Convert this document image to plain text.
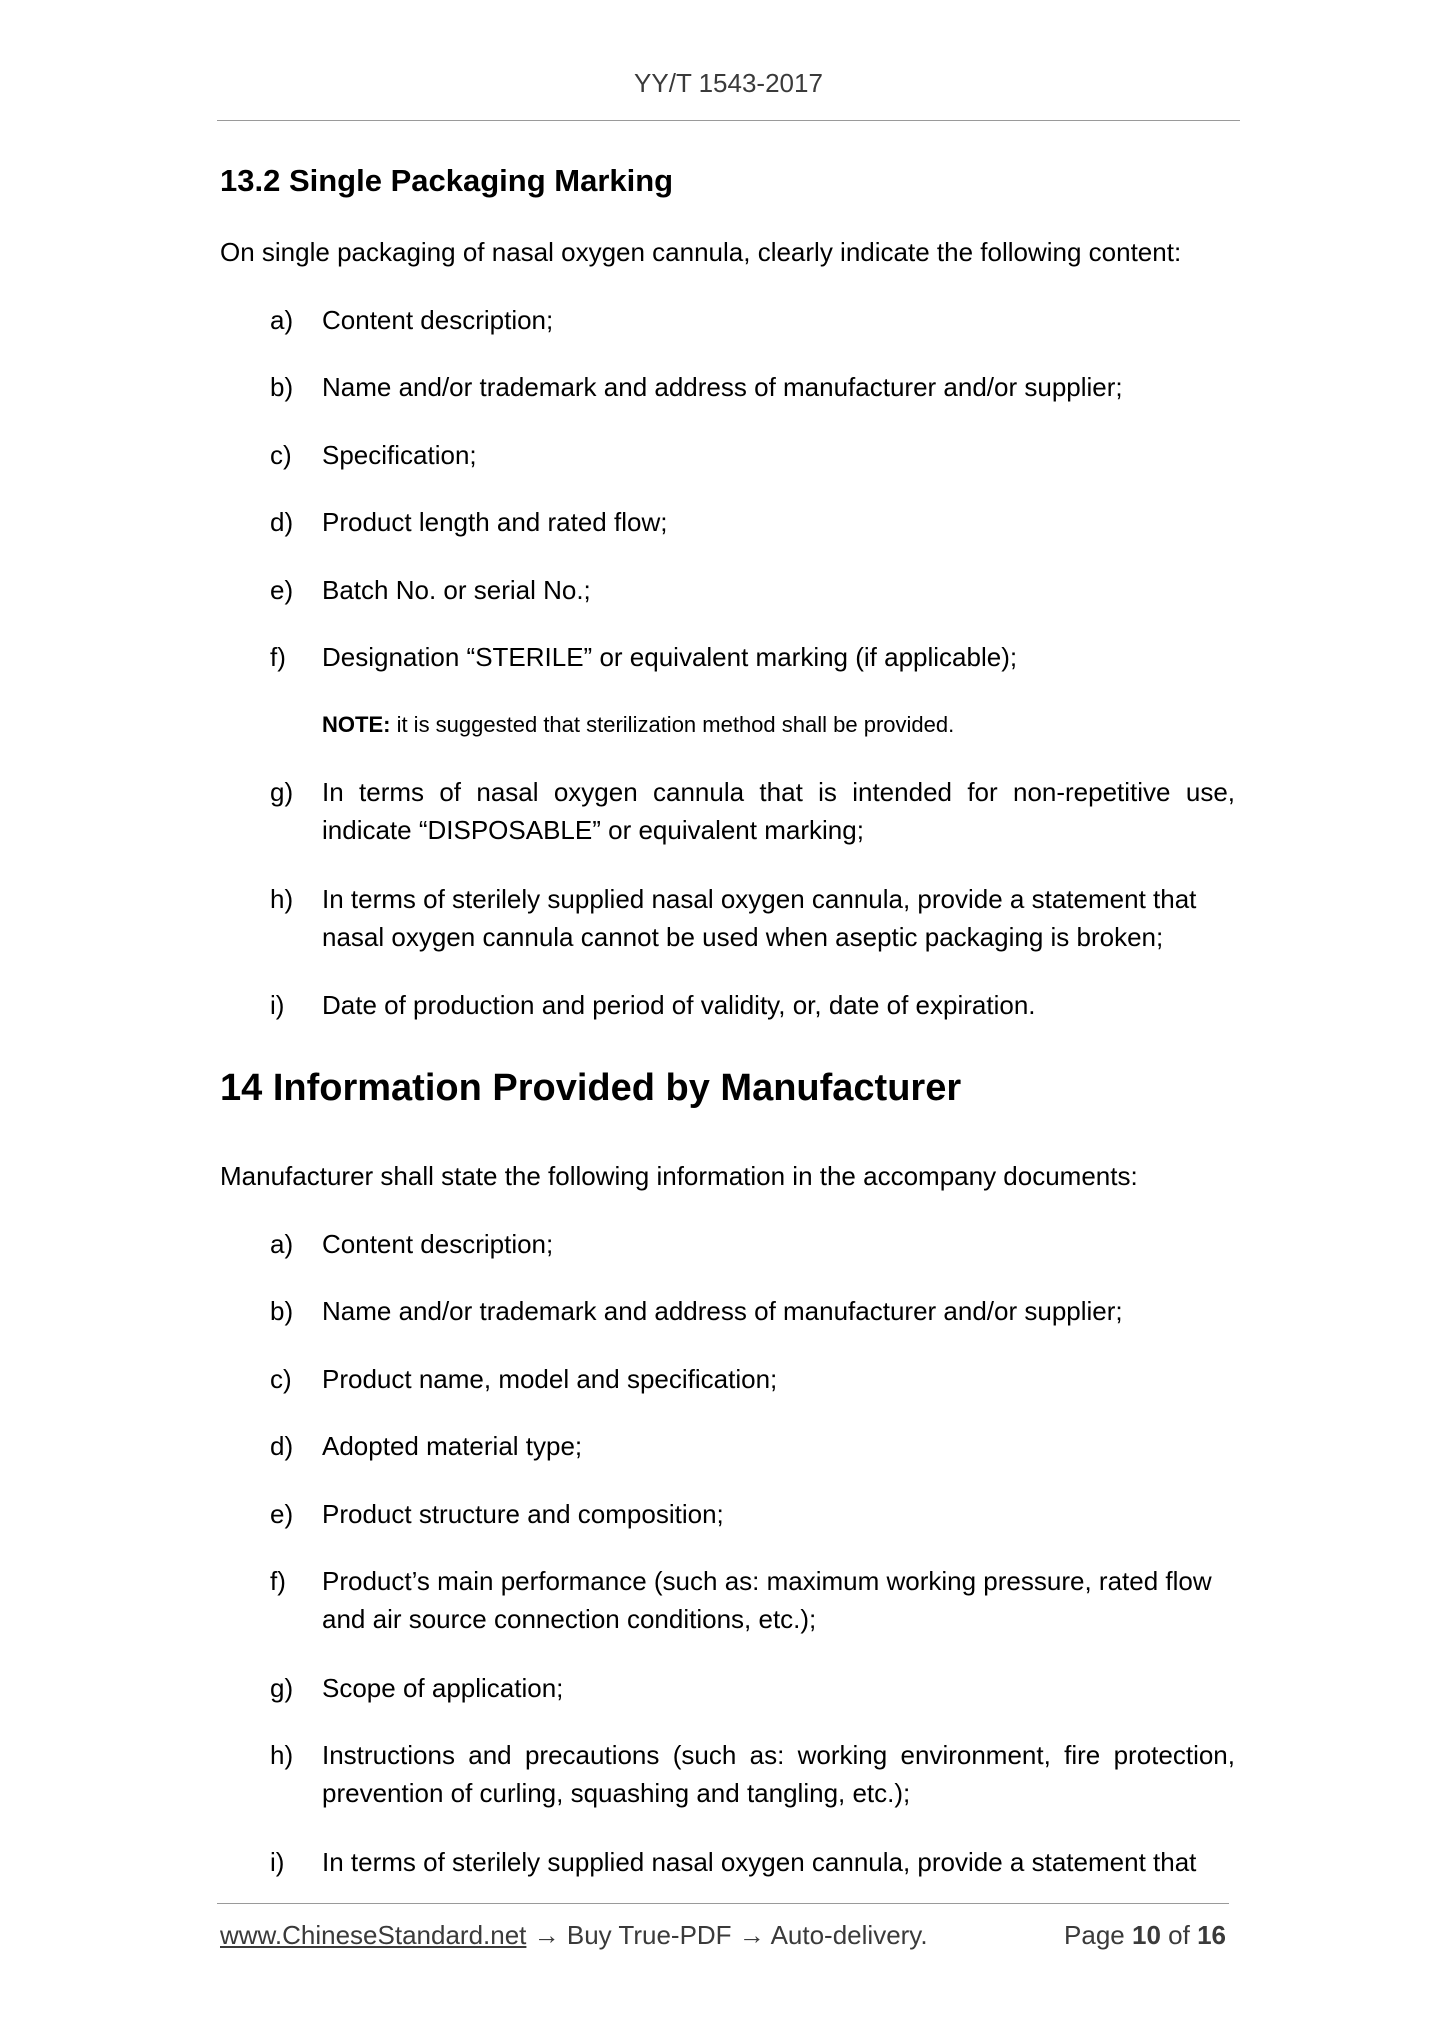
YY/T 1543-2017
13.2 Single Packaging Marking

On single packaging of nasal oxygen cannula, clearly indicate the following content:

a) Content description;
b) Name and/or trademark and address of manufacturer and/or supplier;
c) Specification;
d) Product length and rated flow;
e) Batch No. or serial No.;
f) Designation “STERILE” or equivalent marking (if applicable);
NOTE: it is suggested that sterilization method shall be provided.
g) In terms of nasal oxygen cannula that is intended for non-repetitive use, indicate “DISPOSABLE” or equivalent marking;
h) In terms of sterilely supplied nasal oxygen cannula, provide a statement that nasal oxygen cannula cannot be used when aseptic packaging is broken;
i) Date of production and period of validity, or, date of expiration.
14 Information Provided by Manufacturer

Manufacturer shall state the following information in the accompany documents:

a) Content description;
b) Name and/or trademark and address of manufacturer and/or supplier;
c) Product name, model and specification;
d) Adopted material type;
e) Product structure and composition;
f) Product’s main performance (such as: maximum working pressure, rated flow and air source connection conditions, etc.);
g) Scope of application;
h) Instructions and precautions (such as: working environment, fire protection, prevention of curling, squashing and tangling, etc.);
i) In terms of sterilely supplied nasal oxygen cannula, provide a statement that
www.ChineseStandard.net → Buy True-PDF → Auto-delivery.	Page 10 of 16
